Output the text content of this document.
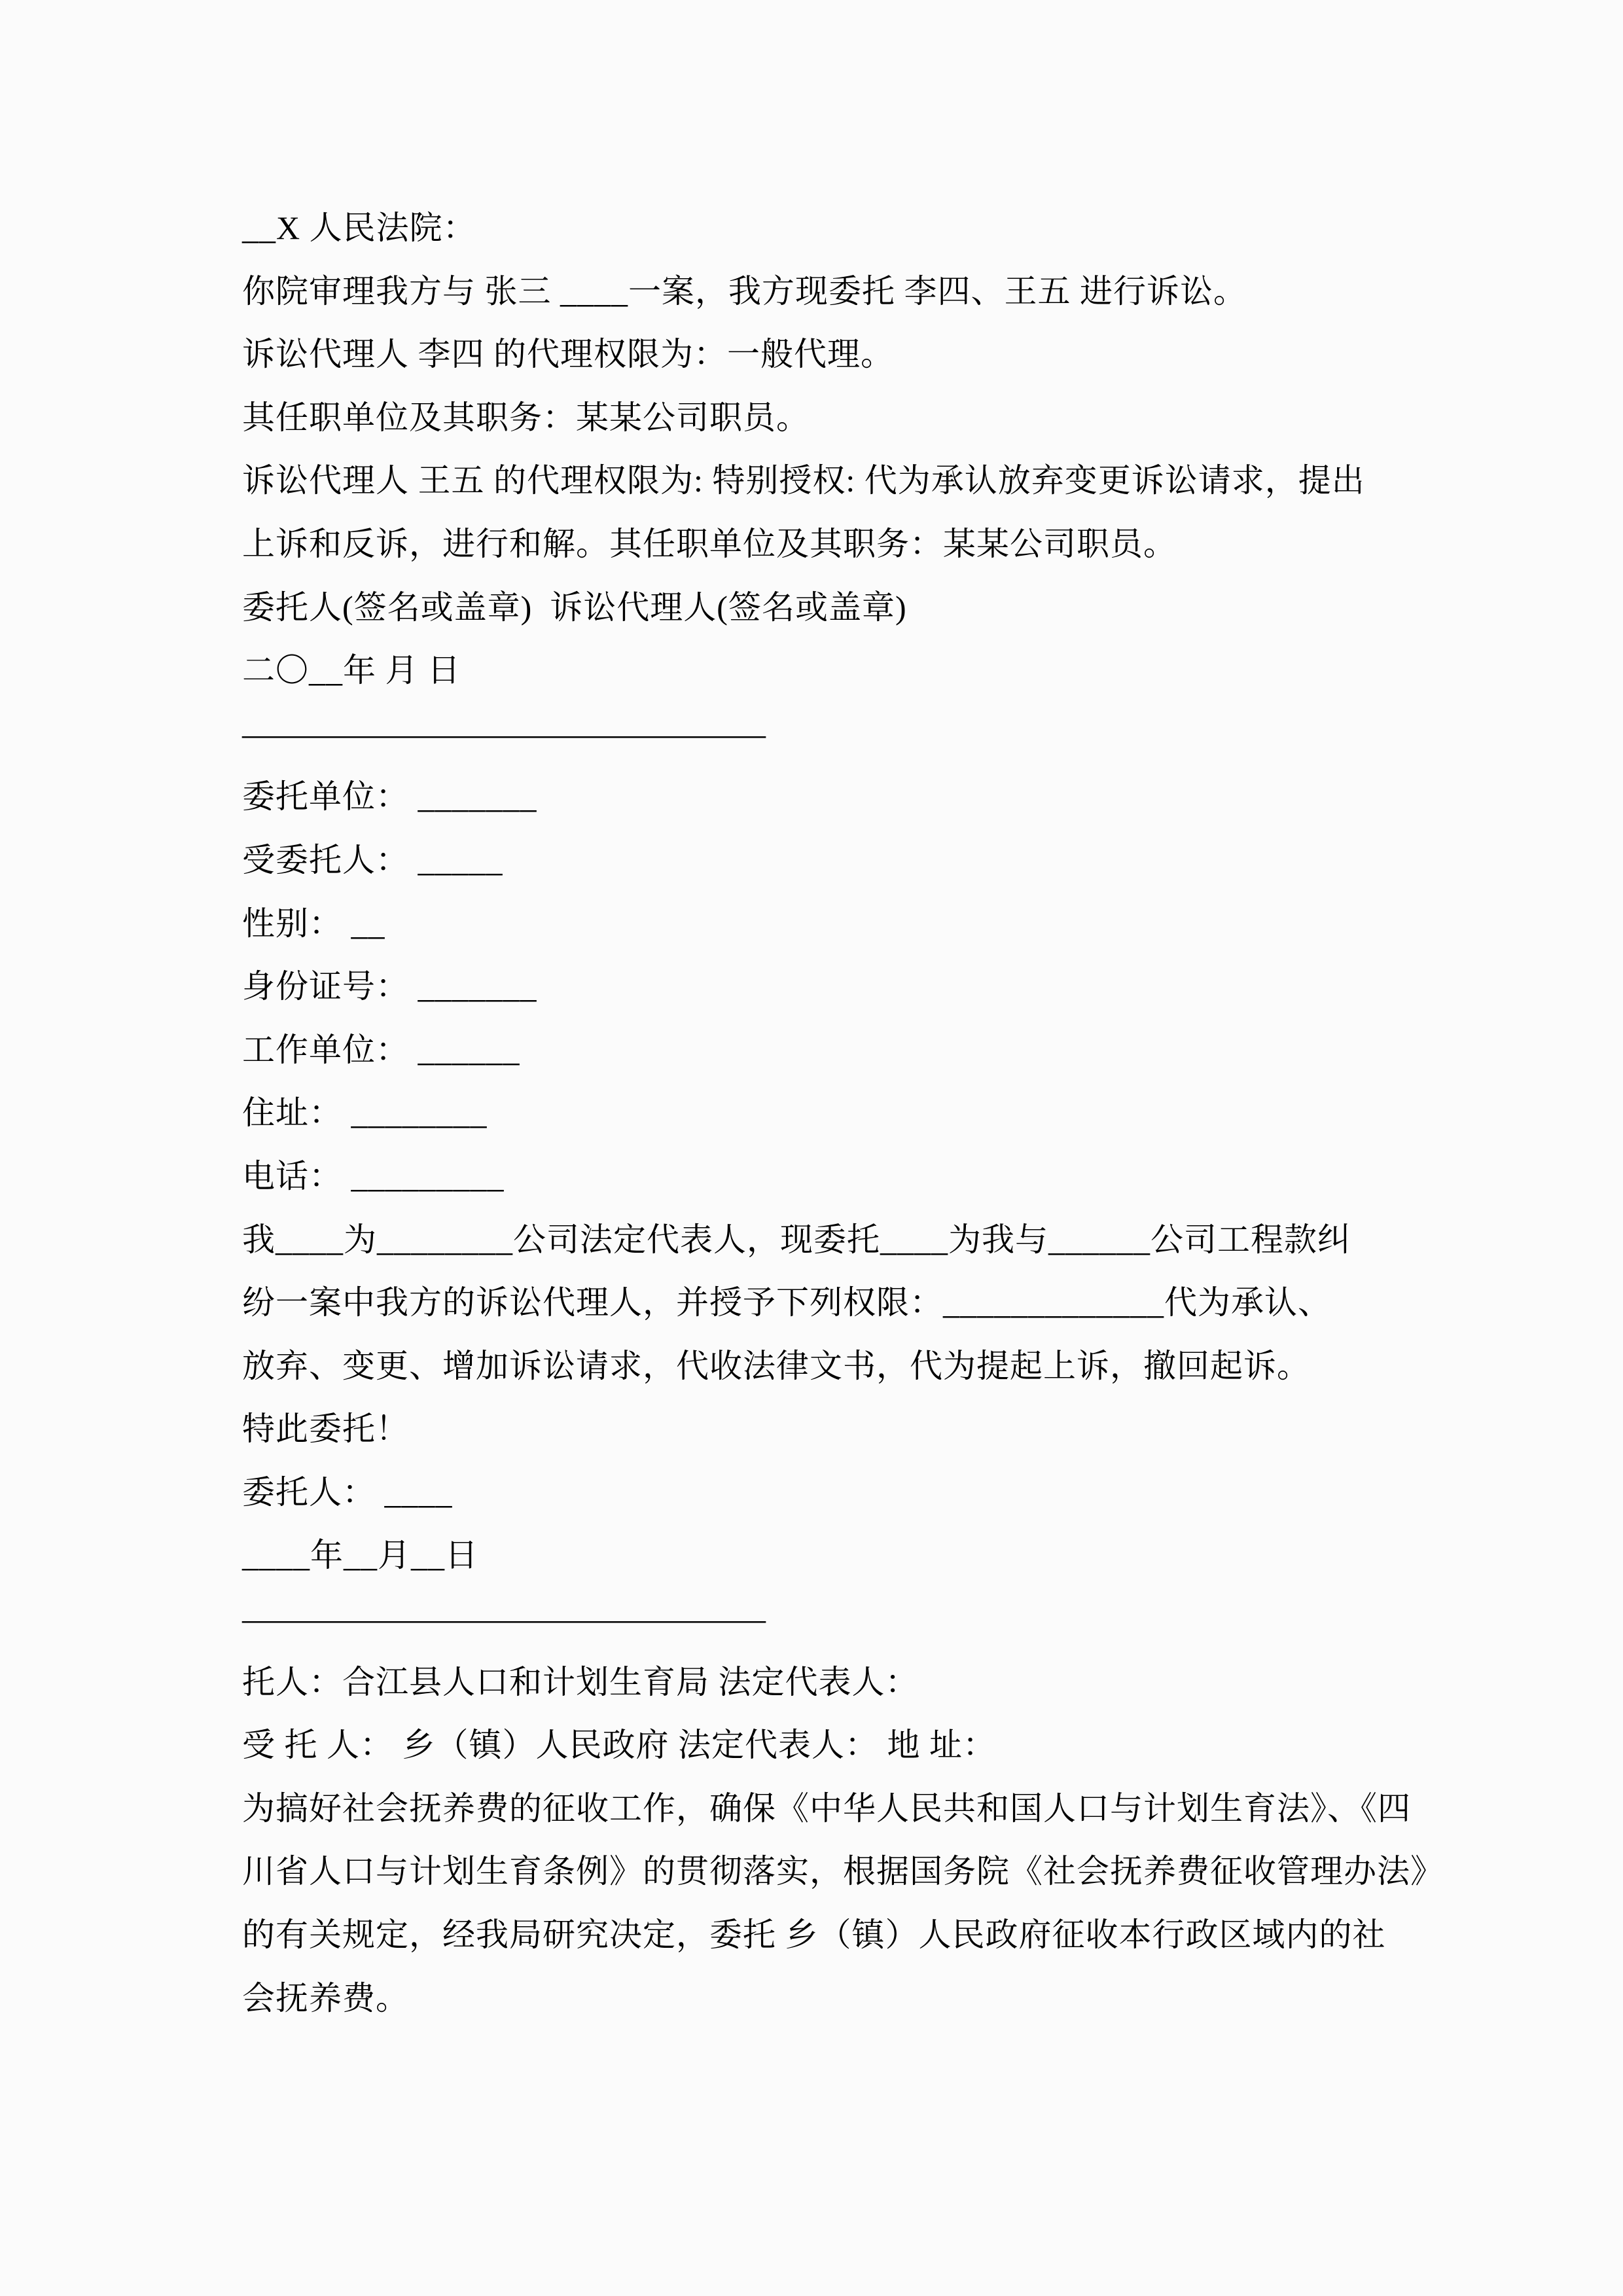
__X 人民法院：
你院审理我方与 张三 ____一案，我方现委托 李四、王五 进行诉讼。
诉讼代理人 李四 的代理权限为：一般代理。
其任职单位及其职务：某某公司职员。
诉讼代理人 王五 的代理权限为: 特别授权: 代为承认放弃变更诉讼请求，提出
上诉和反诉，进行和解。其任职单位及其职务：某某公司职员。
委托人(签名或盖章)  诉讼代理人(签名或盖章)
二〇__年 月 日
————————————————
委托单位： _______
受委托人： _____
性别： __
身份证号： _______
工作单位： ______
住址： ________
电话： _________
我____为________公司法定代表人，现委托____为我与______公司工程款纠
纷一案中我方的诉讼代理人，并授予下列权限：_____________代为承认、
放弃、变更、增加诉讼请求，代收法律文书，代为提起上诉，撤回起诉。
特此委托！
委托人： ____
____年__月__日
————————————————
托人：合江县人口和计划生育局 法定代表人：
受 托 人： 乡（镇）人民政府 法定代表人： 地 址：
为搞好社会抚养费的征收工作，确保《中华人民共和国人口与计划生育法》、《四
川省人口与计划生育条例》的贯彻落实，根据国务院《社会抚养费征收管理办法》
的有关规定，经我局研究决定，委托 乡（镇）人民政府征收本行政区域内的社
会抚养费。
